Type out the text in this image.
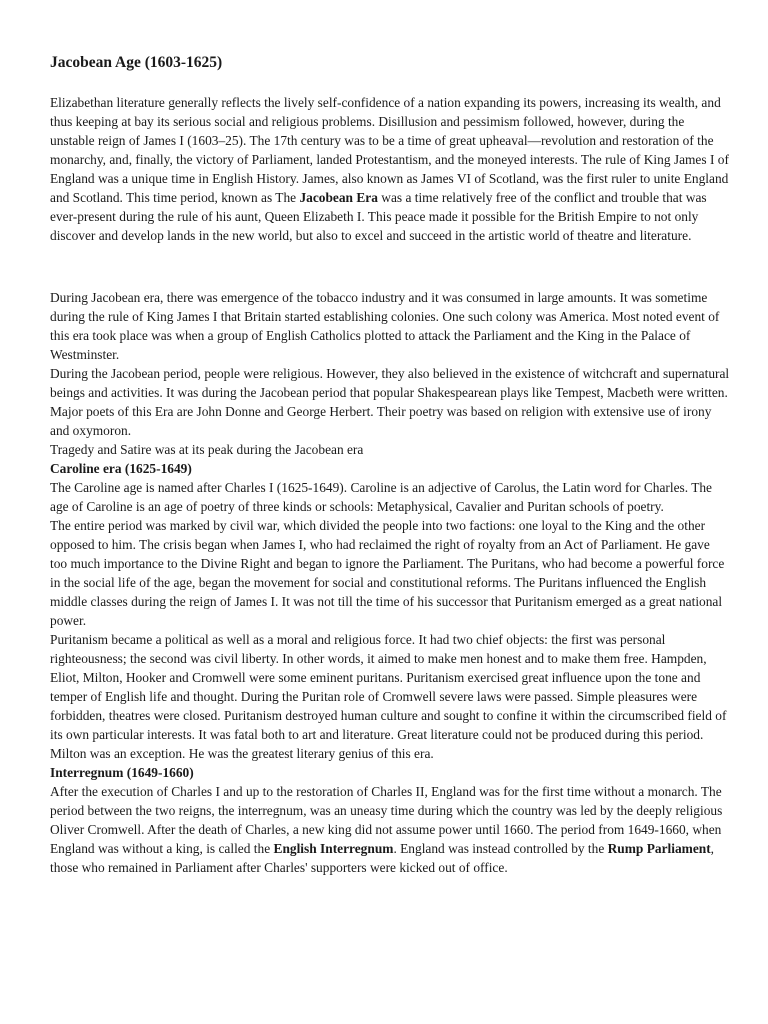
Jacobean Age (1603-1625)

Elizabethan literature generally reflects the lively self-confidence of a nation expanding its powers, increasing its wealth, and thus keeping at bay its serious social and religious problems. Disillusion and pessimism followed, however, during the unstable reign of James I (1603–25). The 17th century was to be a time of great upheaval—revolution and restoration of the monarchy, and, finally, the victory of Parliament, landed Protestantism, and the moneyed interests. The rule of King James I of England was a unique time in English History. James, also known as James VI of Scotland, was the first ruler to unite England and Scotland. This time period, known as The Jacobean Era was a time relatively free of the conflict and trouble that was ever-present during the rule of his aunt, Queen Elizabeth I. This peace made it possible for the British Empire to not only discover and develop lands in the new world, but also to excel and succeed in the artistic world of theatre and literature.

During Jacobean era, there was emergence of the tobacco industry and it was consumed in large amounts. It was sometime during the rule of King James I that Britain started establishing colonies. One such colony was America. Most noted event of this era took place was when a group of English Catholics plotted to attack the Parliament and the King in the Palace of Westminster.
During the Jacobean period, people were religious. However, they also believed in the existence of witchcraft and supernatural beings and activities. It was during the Jacobean period that popular Shakespearean plays like Tempest, Macbeth were written. Major poets of this Era are John Donne and George Herbert. Their poetry was based on religion with extensive use of irony and oxymoron.
Tragedy and Satire was at its peak during the Jacobean era
Caroline era (1625-1649)
The Caroline age is named after Charles I (1625-1649). Caroline is an adjective of Carolus, the Latin word for Charles. The age of Caroline is an age of poetry of three kinds or schools: Metaphysical, Cavalier and Puritan schools of poetry.
The entire period was marked by civil war, which divided the people into two factions: one loyal to the King and the other opposed to him. The crisis began when James I, who had reclaimed the right of royalty from an Act of Parliament. He gave too much importance to the Divine Right and began to ignore the Parliament. The Puritans, who had become a powerful force in the social life of the age, began the movement for social and constitutional reforms. The Puritans influenced the English middle classes during the reign of James I. It was not till the time of his successor that Puritanism emerged as a great national power.
Puritanism became a political as well as a moral and religious force. It had two chief objects: the first was personal righteousness; the second was civil liberty. In other words, it aimed to make men honest and to make them free. Hampden, Eliot, Milton, Hooker and Cromwell were some eminent puritans. Puritanism exercised great influence upon the tone and temper of English life and thought. During the Puritan role of Cromwell severe laws were passed. Simple pleasures were forbidden, theatres were closed. Puritanism destroyed human culture and sought to confine it within the circumscribed field of its own particular interests. It was fatal both to art and literature. Great literature could not be produced during this period. Milton was an exception. He was the greatest literary genius of this era.
Interregnum (1649-1660)
After the execution of Charles I and up to the restoration of Charles II, England was for the first time without a monarch. The period between the two reigns, the interregnum, was an uneasy time during which the country was led by the deeply religious Oliver Cromwell. After the death of Charles, a new king did not assume power until 1660. The period from 1649-1660, when England was without a king, is called the English Interregnum. England was instead controlled by the Rump Parliament, those who remained in Parliament after Charles' supporters were kicked out of office.
